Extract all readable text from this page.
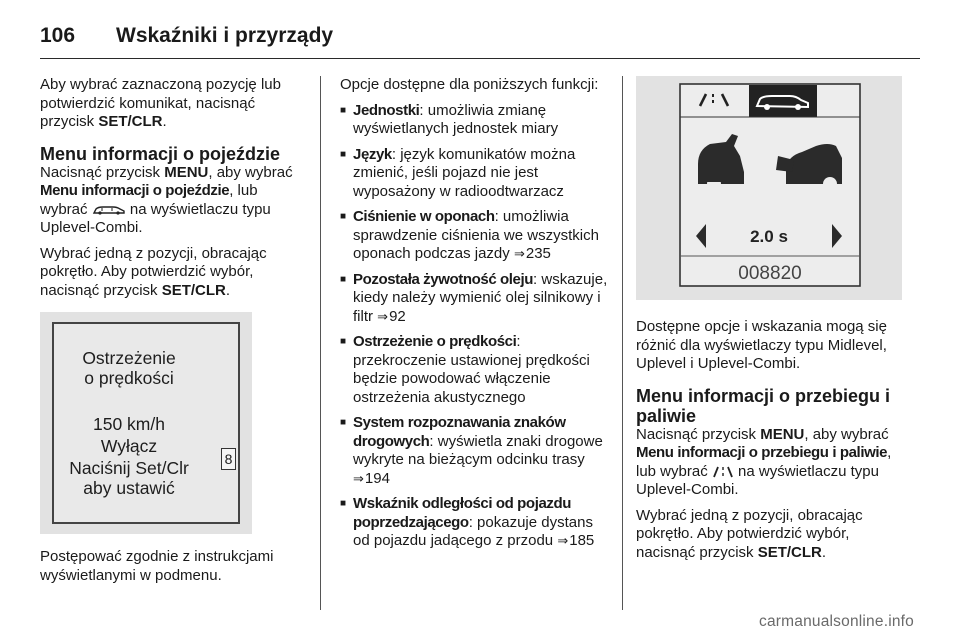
106	Wskaźniki i przyrządy

Aby wybrać zaznaczoną pozycję lub potwierdzić komunikat, nacisnąć przycisk SET/CLR.

Menu informacji o pojeździe

Nacisnąć przycisk MENU, aby wybrać Menu informacji o pojeździe, lub wybrać	na wyświetlaczu typu Uplevel-Combi.

Wybrać jedną z pozycji, obracając pokrętło. Aby potwierdzić wybór, nacisnąć przycisk SET/CLR.

Ostrzeżenie
o prędkości
150 km/h
Wyłącz
Naciśnij Set/Clr
aby ustawić
8

Postępować zgodnie z instrukcjami wyświetlanymi w podmenu.

Opcje dostępne dla poniższych funkcji:

■ Jednostki: umożliwia zmianę wyświetlanych jednostek miary
■ Język: język komunikatów można zmienić, jeśli pojazd nie jest wyposażony w radioodtwarzacz
■ Ciśnienie w oponach: umożliwia sprawdzenie ciśnienia we wszystkich oponach podczas jazdy ⇒ 235
■ Pozostała żywotność oleju: wskazuje, kiedy należy wymienić olej silnikowy i filtr ⇒ 92
■ Ostrzeżenie o prędkości: przekroczenie ustawionej prędkości będzie powodować włączenie ostrzeżenia akustycznego
■ System rozpoznawania znaków drogowych: wyświetla znaki drogowe wykryte na bieżącym odcinku trasy ⇒ 194
■ Wskaźnik odległości od pojazdu poprzedzającego: pokazuje dystans od pojazdu jadącego z przodu ⇒ 185
2.0 s
008820

Dostępne opcje i wskazania mogą się różnić dla wyświetlaczy typu Midlevel, Uplevel i Uplevel-Combi.

Menu informacji o przebiegu i paliwie

Nacisnąć przycisk MENU, aby wybrać Menu informacji o przebiegu i paliwie, lub wybrać na wyświetlaczu typu Uplevel-Combi.

Wybrać jedną z pozycji, obracając pokrętło. Aby potwierdzić wybór, nacisnąć przycisk SET/CLR.

carmanualsonline.info
